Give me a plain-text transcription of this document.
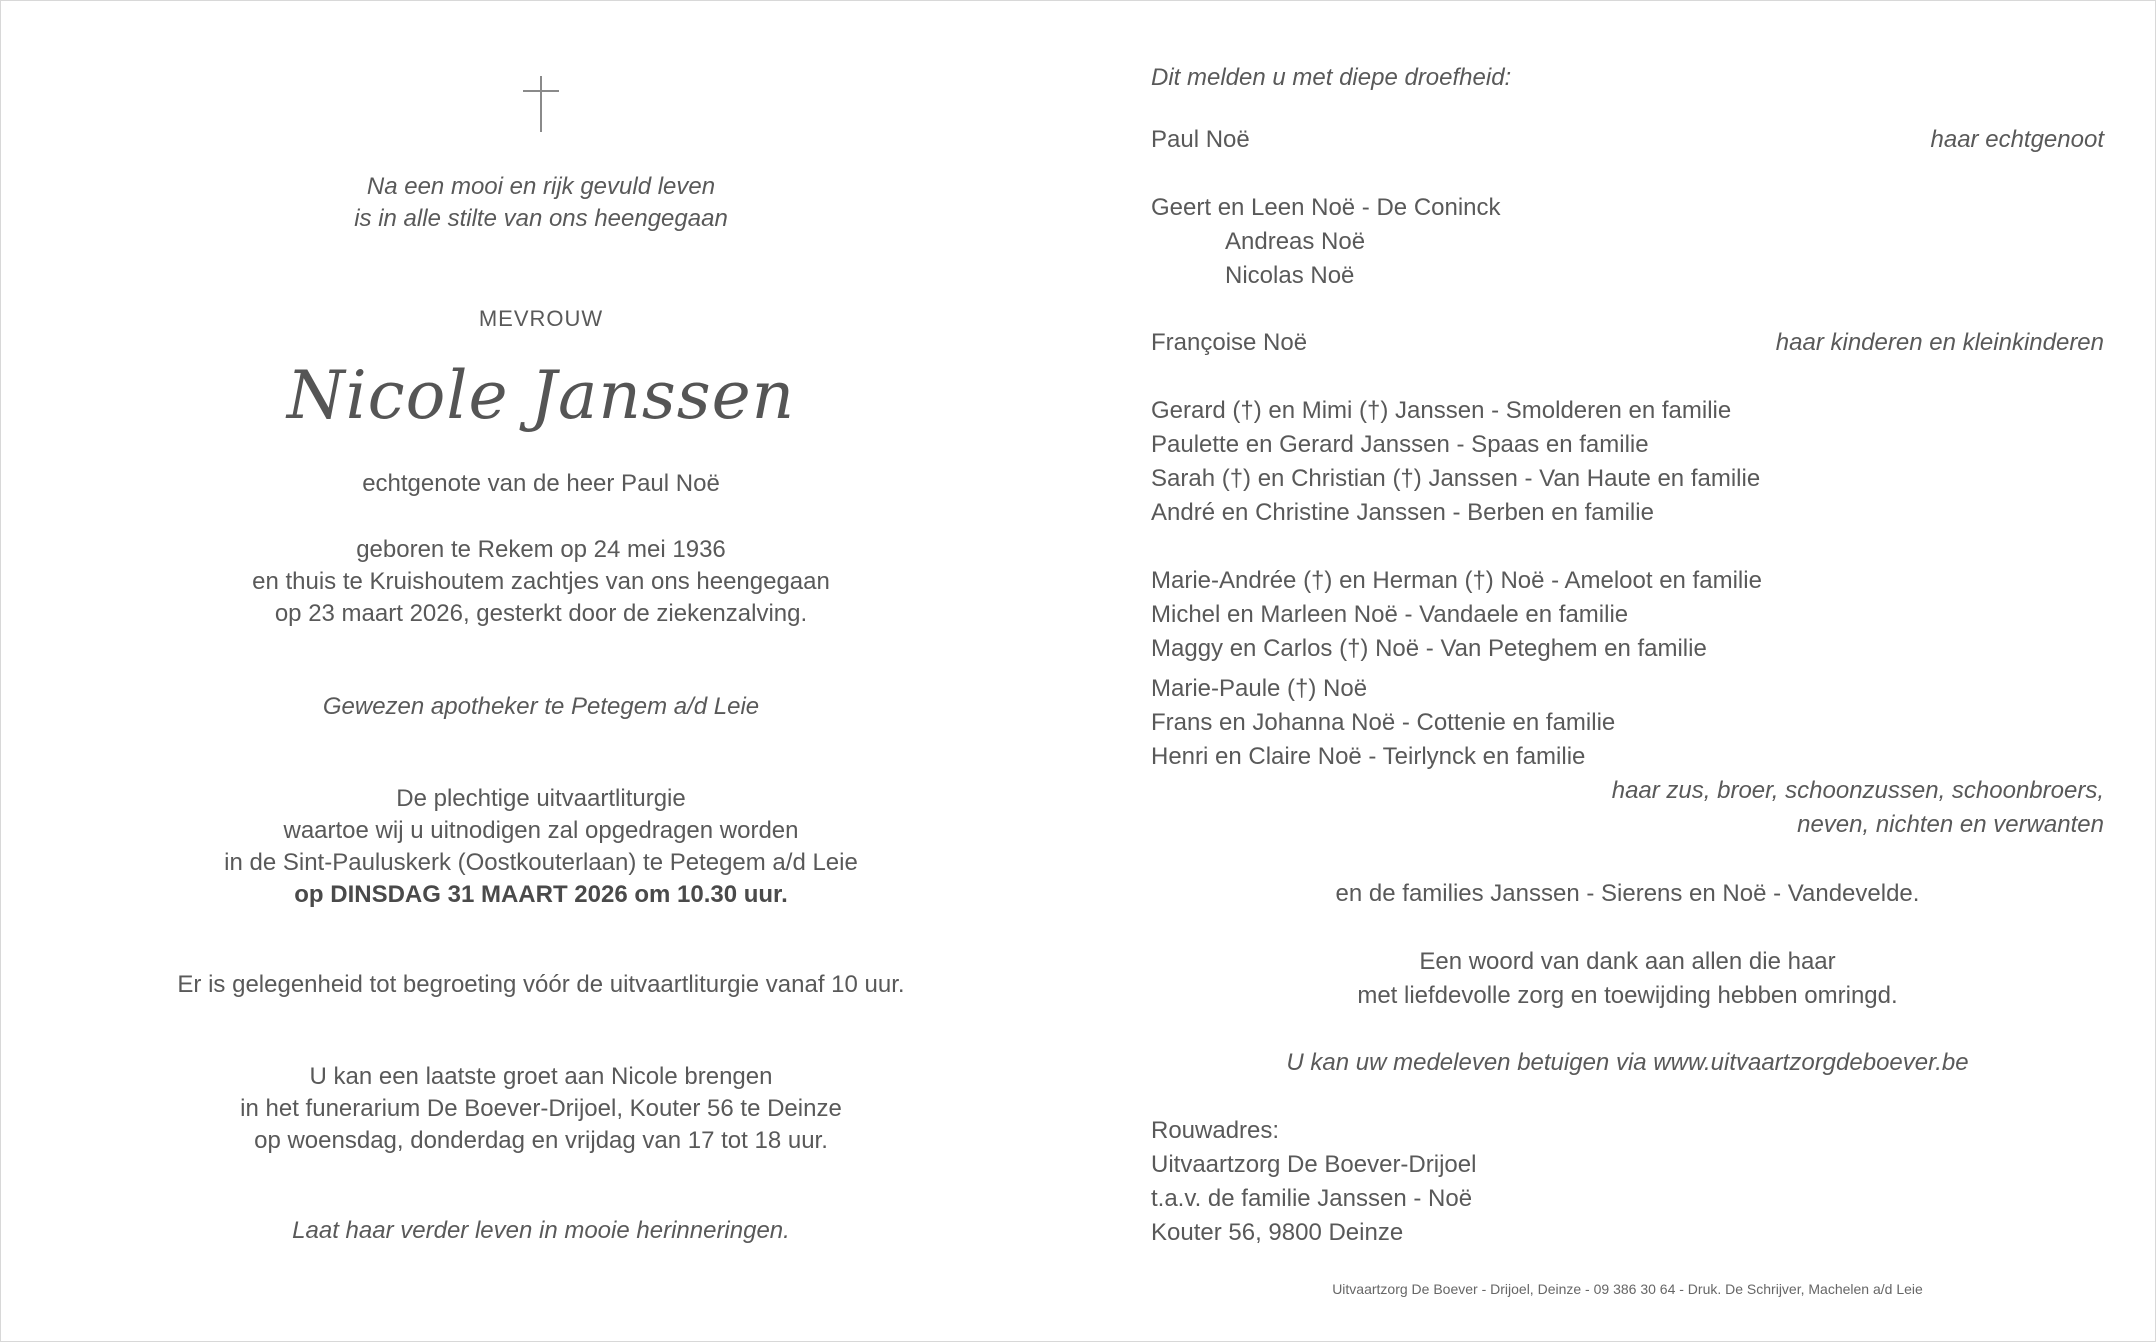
Na een mooi en rijk gevuld leven
is in alle stilte van ons heengegaan
MEVROUW
Nicole Janssen
echtgenote van de heer Paul Noë
geboren te Rekem op 24 mei 1936
en thuis te Kruishoutem zachtjes van ons heengegaan
op 23 maart 2026, gesterkt door de ziekenzalving.
Gewezen apotheker te Petegem a/d Leie
De plechtige uitvaartliturgie
waartoe wij u uitnodigen zal opgedragen worden
in de Sint-Pauluskerk (Oostkouterlaan) te Petegem a/d Leie
op DINSDAG 31 MAART 2026 om 10.30 uur.
Er is gelegenheid tot begroeting vóór de uitvaartliturgie vanaf 10 uur.
U kan een laatste groet aan Nicole brengen
in het funerarium De Boever-Drijoel, Kouter 56 te Deinze
op woensdag, donderdag en vrijdag van 17 tot 18 uur.
Laat haar verder leven in mooie herinneringen.
Dit melden u met diepe droefheid:
Paul Noë	haar echtgenoot
Geert en Leen Noë - De Coninck
Andreas Noë
Nicolas Noë
Françoise Noë	haar kinderen en kleinkinderen
Gerard (†) en Mimi (†) Janssen - Smolderen en familie
Paulette en Gerard Janssen - Spaas en familie
Sarah (†) en Christian (†) Janssen - Van Haute en familie
André en Christine Janssen - Berben en familie
Marie-Andrée (†) en Herman (†) Noë - Ameloot en familie
Michel en Marleen Noë - Vandaele en familie
Maggy en Carlos (†) Noë - Van Peteghem en familie
Marie-Paule (†) Noë
Frans en Johanna Noë - Cottenie en familie
Henri en Claire Noë - Teirlynck en familie
haar zus, broer, schoonzussen, schoonbroers,
neven, nichten en verwanten
en de families Janssen - Sierens en Noë - Vandevelde.
Een woord van dank aan allen die haar
met liefdevolle zorg en toewijding hebben omringd.
U kan uw medeleven betuigen via www.uitvaartzorgdeboever.be
Rouwadres:
Uitvaartzorg De Boever-Drijoel
t.a.v. de familie Janssen - Noë
Kouter 56, 9800 Deinze
Uitvaartzorg De Boever - Drijoel, Deinze - 09 386 30 64 - Druk. De Schrijver, Machelen a/d Leie
